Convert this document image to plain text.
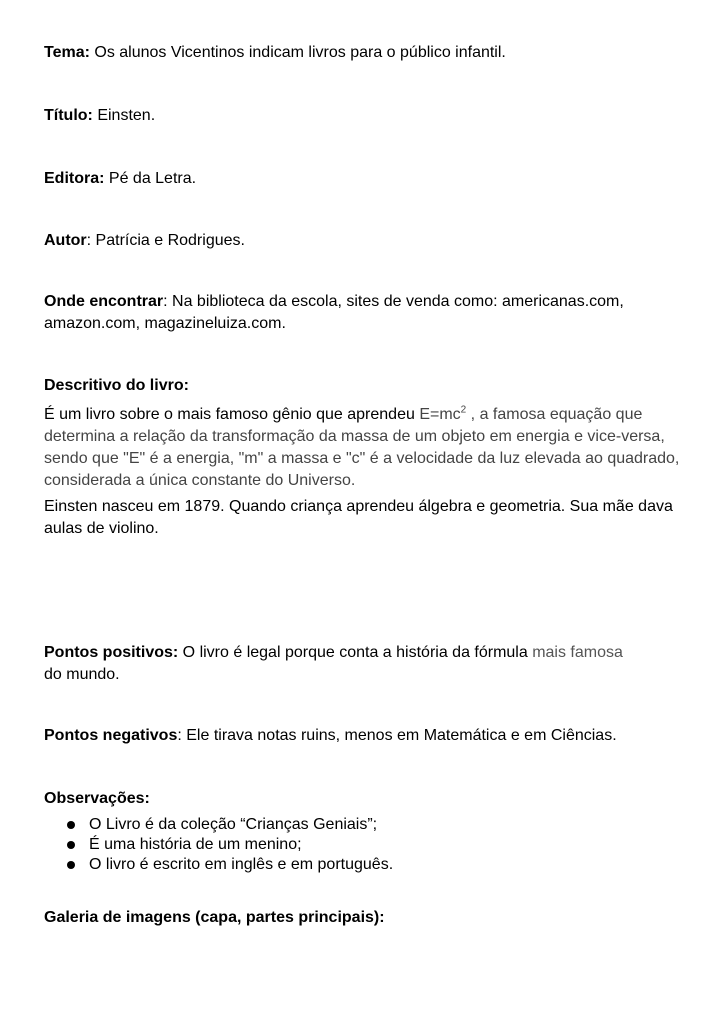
Tema: Os alunos Vicentinos indicam livros para o público infantil.
Título: Einsten.
Editora: Pé da Letra.
Autor: Patrícia e Rodrigues.
Onde encontrar: Na biblioteca da escola, sites de venda como: americanas.com,
amazon.com, magazineluiza.com.
Descritivo do livro:
É um livro sobre o mais famoso gênio que aprendeu $E=mc^2$ , a famosa equação que determina a relação da transformação da massa de um objeto em energia e vice-versa, sendo que "E" é a energia, "m" a massa e "c" é a velocidade da luz elevada ao quadrado, considerada a única constante do Universo.
Einsten nasceu em 1879. Quando criança aprendeu álgebra e geometria. Sua mãe dava aulas de violino.
Pontos positivos: O livro é legal porque conta a história da fórmula mais famosa
do mundo.
Pontos negativos: Ele tirava notas ruins, menos em Matemática e em Ciências.
Observações:
O Livro é da coleção “Crianças Geniais”;
É uma história de um menino;
O livro é escrito em inglês e em português.
Galeria de imagens (capa, partes principais):
